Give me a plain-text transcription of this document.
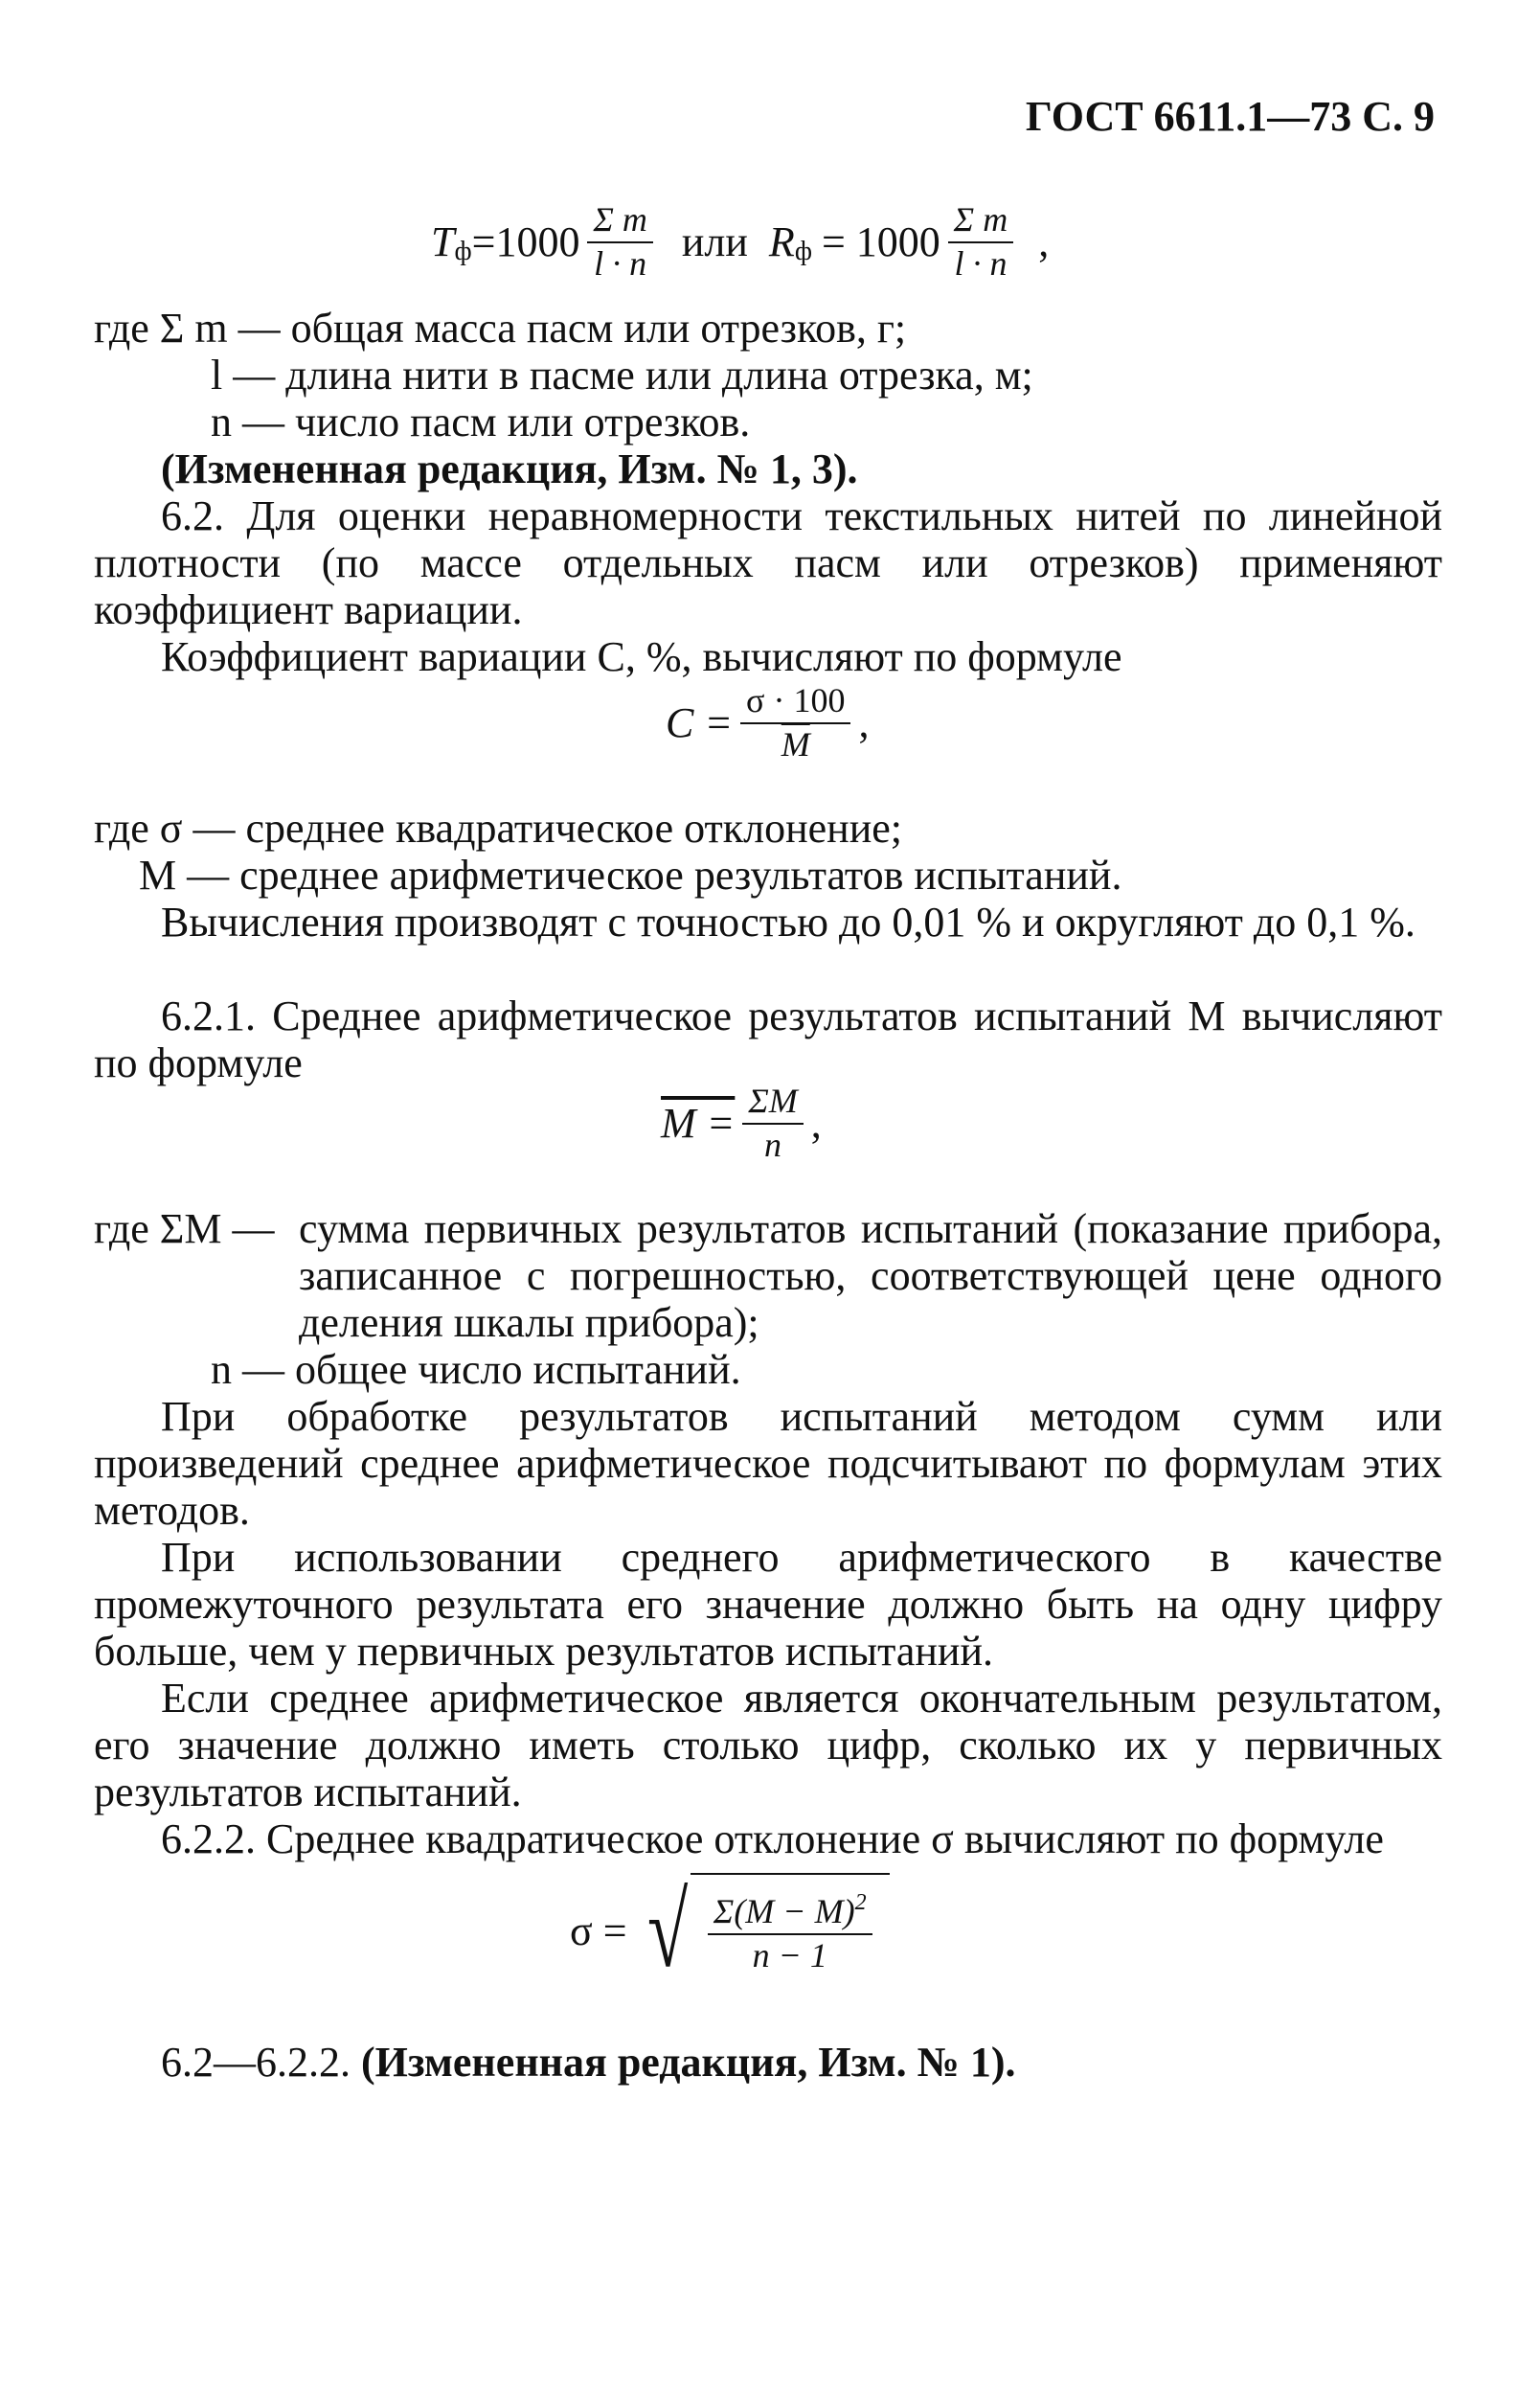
ГОСТ 6611.1—73 С. 9
T $ф =1000 \frac{\text{Σ m}}{l \cdot n}$ или R $ф = 1000 \frac{\text{Σ m}}{l \cdot n}$ ,

где Σ m — общая масса пасм или отрезков, г;

l — длина нити в пасме или длина отрезка, м;

n — число пасм или отрезков.

(Измененная редакция, Изм. № 1, 3).

6.2. Для оценки неравномерности текстильных нитей по линейной плотности (по массе отдельных пасм или отрезков) применяют коэффициент вариации.

Коэффициент вариации C, %, вычисляют по формуле

$C = \frac{\sigma \cdot 100}{M}$ ,

где σ — среднее квадратическое отклонение;

M — среднее арифметическое результатов испытаний.

Вычисления производят с точностью до 0,01 % и округляют до 0,1 %.

6.2.1. Среднее арифметическое результатов испытаний M вычисляют по формуле

$M = \frac{\Sigma M}{n}$ ,

где ΣM — сумма первичных результатов испытаний (показание прибора, записанное с погрешностью, соответствующей цене одного деления шкалы прибора);

n — общее число испытаний.

При обработке результатов испытаний методом сумм или произведений среднее арифметическое подсчитывают по формулам этих методов.

При использовании среднего арифметического в качестве промежуточного результата его значение должно быть на одну цифру больше, чем у первичных результатов испытаний.

Если среднее арифметическое является окончательным результатом, его значение должно иметь столько цифр, сколько их у первичных результатов испытаний.

6.2.2. Среднее квадратическое отклонение σ вычисляют по формуле

σ = √ $\frac{\Sigma(M - M)^2}{n - 1}$

6.2—6.2.2. (Измененная редакция, Изм. № 1).
